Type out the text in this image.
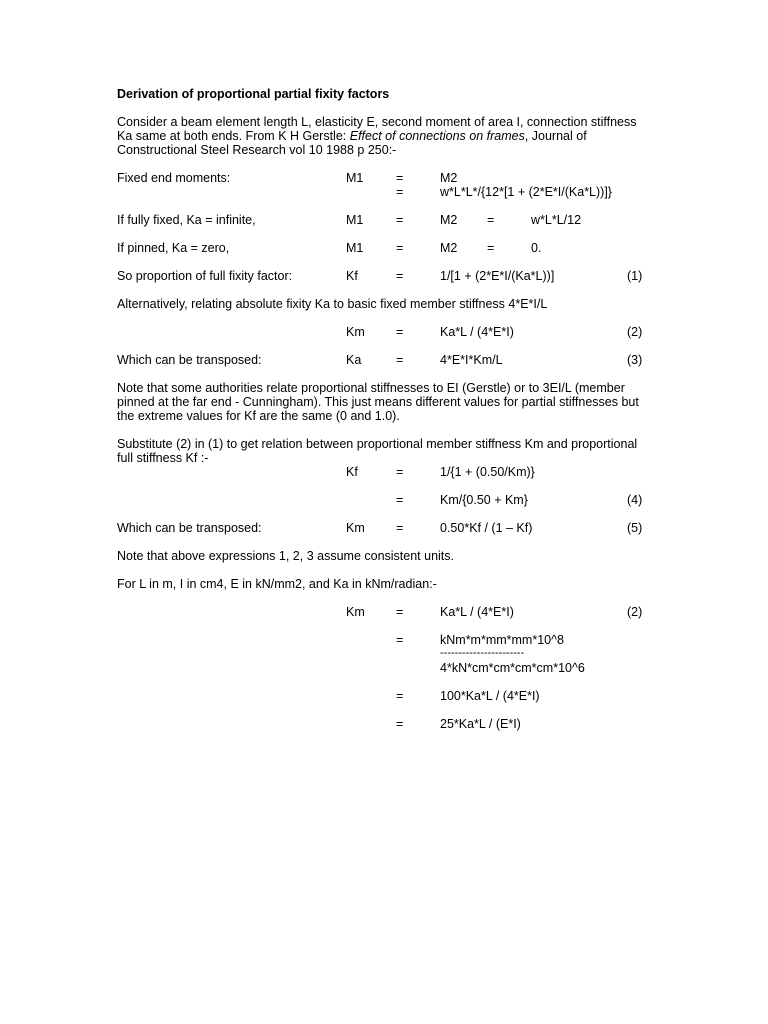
Derivation of proportional partial fixity factors
Consider a beam element length L, elasticity E, second moment of area I, connection stiffness Ka same at both ends. From K H Gerstle: Effect of connections on frames, Journal of Constructional Steel Research vol 10 1988 p 250:-
Fixed end moments:	M1	=	M2
=	w*L*L*/{12*[1 + (2*E*I/(Ka*L))]}
If fully fixed, Ka = infinite,	M1	=	M2 =	w*L*L/12
If pinned, Ka = zero,	M1	=	M2 =	0.
So proportion of full fixity factor:	Kf	=	1/[1 + (2*E*I/(Ka*L))]	(1)
Alternatively, relating absolute fixity Ka to basic fixed member stiffness 4*E*I/L
Km	=	Ka*L / (4*E*I)	(2)
Which can be transposed:	Ka	=	4*E*I*Km/L	(3)
Note that some authorities relate proportional stiffnesses to EI (Gerstle) or to 3EI/L (member pinned at the far end - Cunningham). This just means different values for partial stiffnesses but the extreme values for Kf are the same (0 and 1.0).
Substitute (2) in (1) to get relation between proportional member stiffness Km and proportional full stiffness Kf :-
Kf	=	1/{1 + (0.50/Km)}
=	Km/{0.50 + Km}	(4)
Which can be transposed:	Km	=	0.50*Kf / (1 – Kf)	(5)
Note that above expressions 1, 2, 3 assume consistent units.
For L in m, I in cm4, E in kN/mm2, and Ka in kNm/radian:-
Km	=	Ka*L / (4*E*I)	(2)
=	kNm*m*mm*mm*10^8
-----------------------
4*kN*cm*cm*cm*cm*10^6
=	100*Ka*L / (4*E*I)
=	25*Ka*L / (E*I)
